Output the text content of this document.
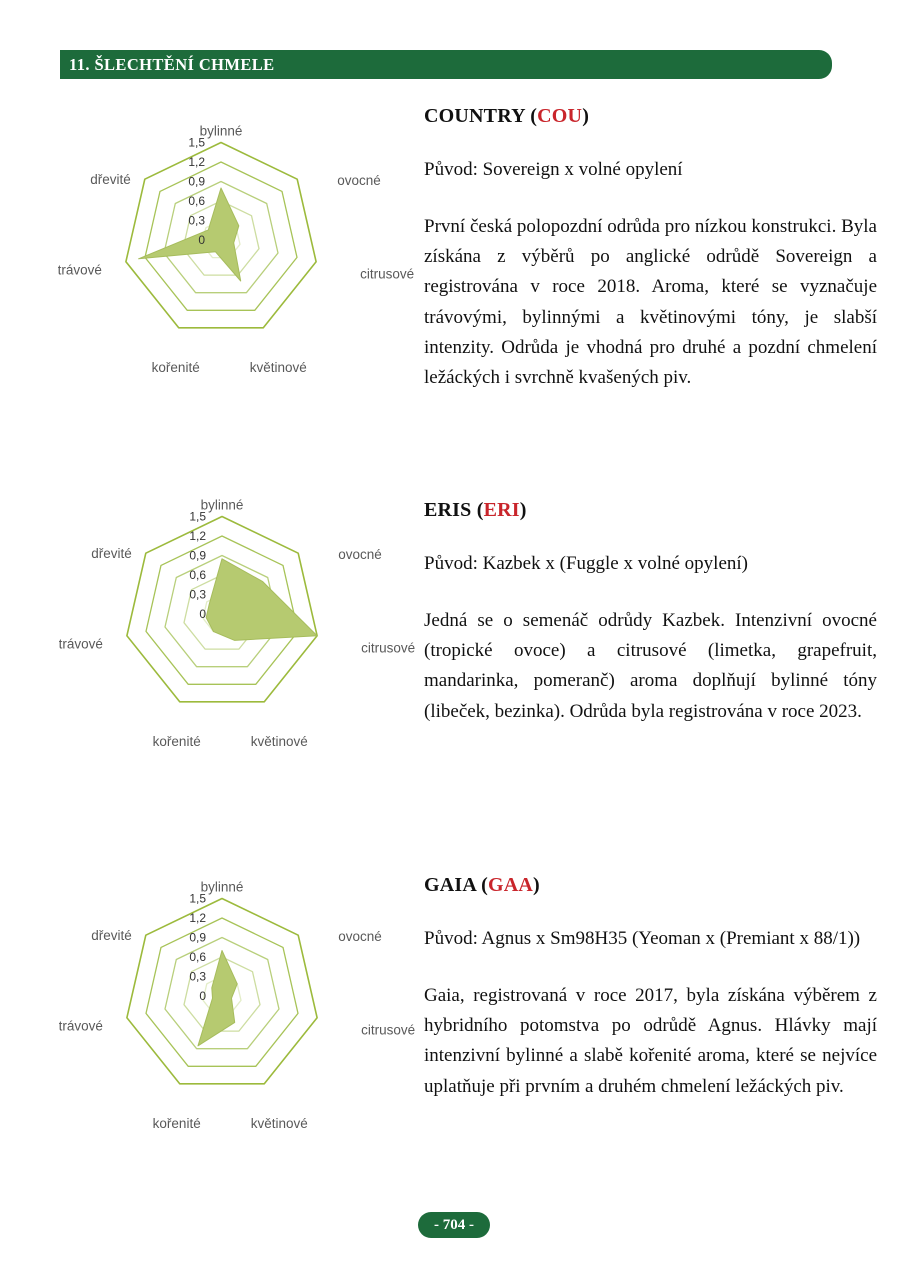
11. ŠLECHTĚNÍ CHMELE
0
0,3
0,6
0,9
1,2
1,5
bylinné
ovocné
citrusové
květinové
kořenité
trávové
dřevité

COUNTRY (COU)

Původ: Sovereign x volné opylení

První česká polopozdní odrůda pro nízkou konstrukci. Byla získána z výběrů po anglické odrůdě Sovereign a registrována v roce 2018. Aroma, které se vyznačuje trávovými, bylinnými a květinovými tóny, je slabší intenzity. Odrůda je vhodná pro druhé a pozdní chmelení ležáckých i svrchně kvašených piv.

0
0,3
0,6
0,9
1,2
1,5
bylinné
ovocné
citrusové
květinové
kořenité
trávové
dřevité

ERIS (ERI)

Původ: Kazbek x (Fuggle x volné opylení)

Jedná se o semenáč odrůdy Kazbek. Intenzivní ovocné (tropické ovoce) a citrusové (limetka, grapefruit, mandarinka, pomeranč) aroma doplňují bylinné tóny (libeček, bezinka). Odrůda byla registrována v roce 2023.

0
0,3
0,6
0,9
1,2
1,5
bylinné
ovocné
citrusové
květinové
kořenité
trávové
dřevité

GAIA (GAA)

Původ: Agnus x Sm98H35 (Yeoman x (Premiant x 88/1))

Gaia, registrovaná v roce 2017, byla získána výběrem z hybridního potomstva po odrůdě Agnus. Hlávky mají intenzivní bylinné a slabě kořenité aroma, které se nejvíce uplatňuje při prvním a druhém chmelení ležáckých piv.

- 704 -
